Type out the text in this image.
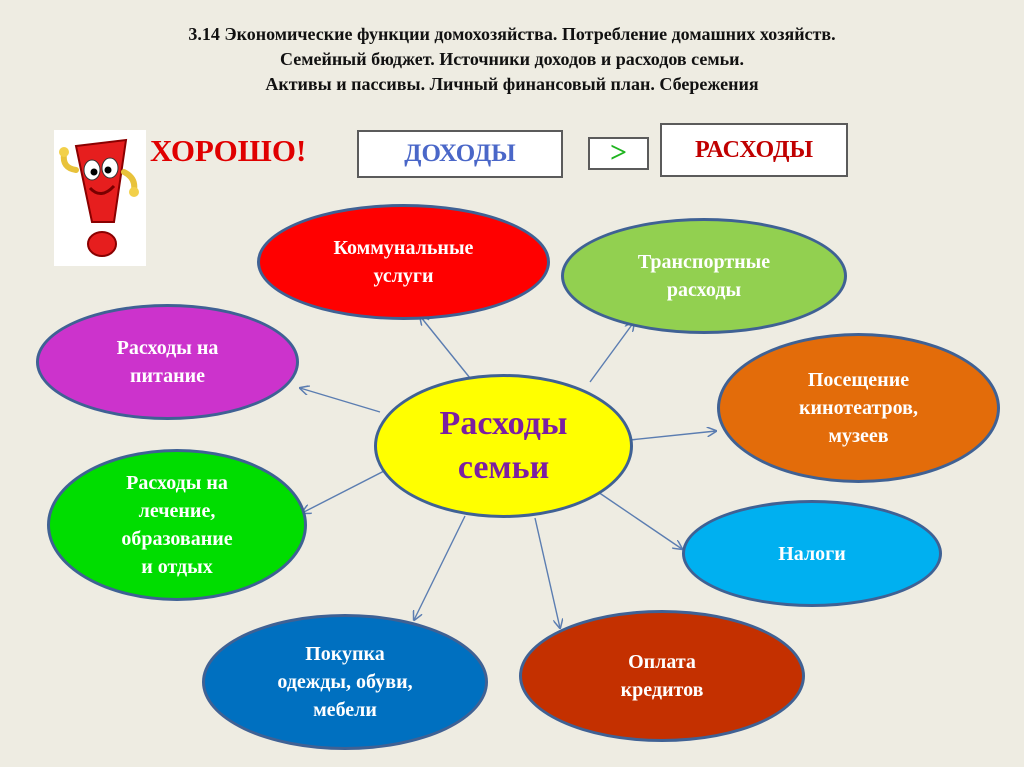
3.14 Экономические функции домохозяйства. Потребление домашних хозяйств.
Семейный бюджет. Источники доходов и расходов семьи.
Активы и пассивы. Личный финансовый план. Сбережения
ХОРОШО!	ДОХОДЫ	>	РАСХОДЫ
Коммунальные
услуги
Транспортные
расходы
Расходы на
питание	Посещение
кинотеатров,
музеев
Расходы
семьи
Расходы на
лечение,
образование
и отдых
Налоги
Покупка
одежды, обуви,
мебели
Оплата
кредитов
